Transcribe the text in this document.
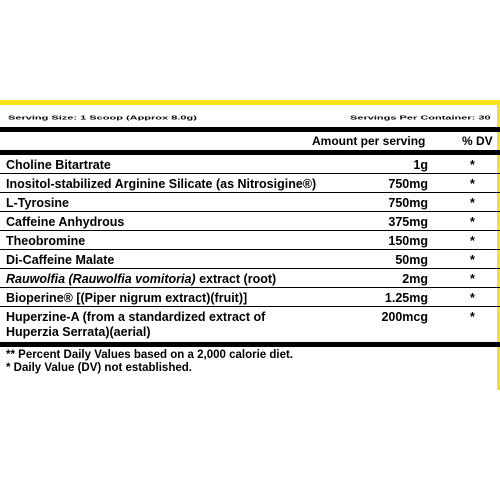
Serving Size: 1 Scoop (Approx 8.0g)	Servings Per Container: 30
Amount per serving	% DV
Choline Bitartrate	1g	*
Inositol-stabilized Arginine Silicate (as Nitrosigine®)	750mg	*
L-Tyrosine	750mg	*
Caffeine Anhydrous	375mg	*
Theobromine	150mg	*
Di-Caffeine Malate	50mg	*
Rauwolfia (Rauwolfia vomitoria) extract (root)	2mg	*
Bioperine® [(Piper nigrum extract)(fruit)]	1.25mg	*
Huperzine-A (from a standardized extract of
Huperzia Serrata)(aerial)
200mcg	*
** Percent Daily Values based on a 2,000 calorie diet.
* Daily Value (DV) not established.
